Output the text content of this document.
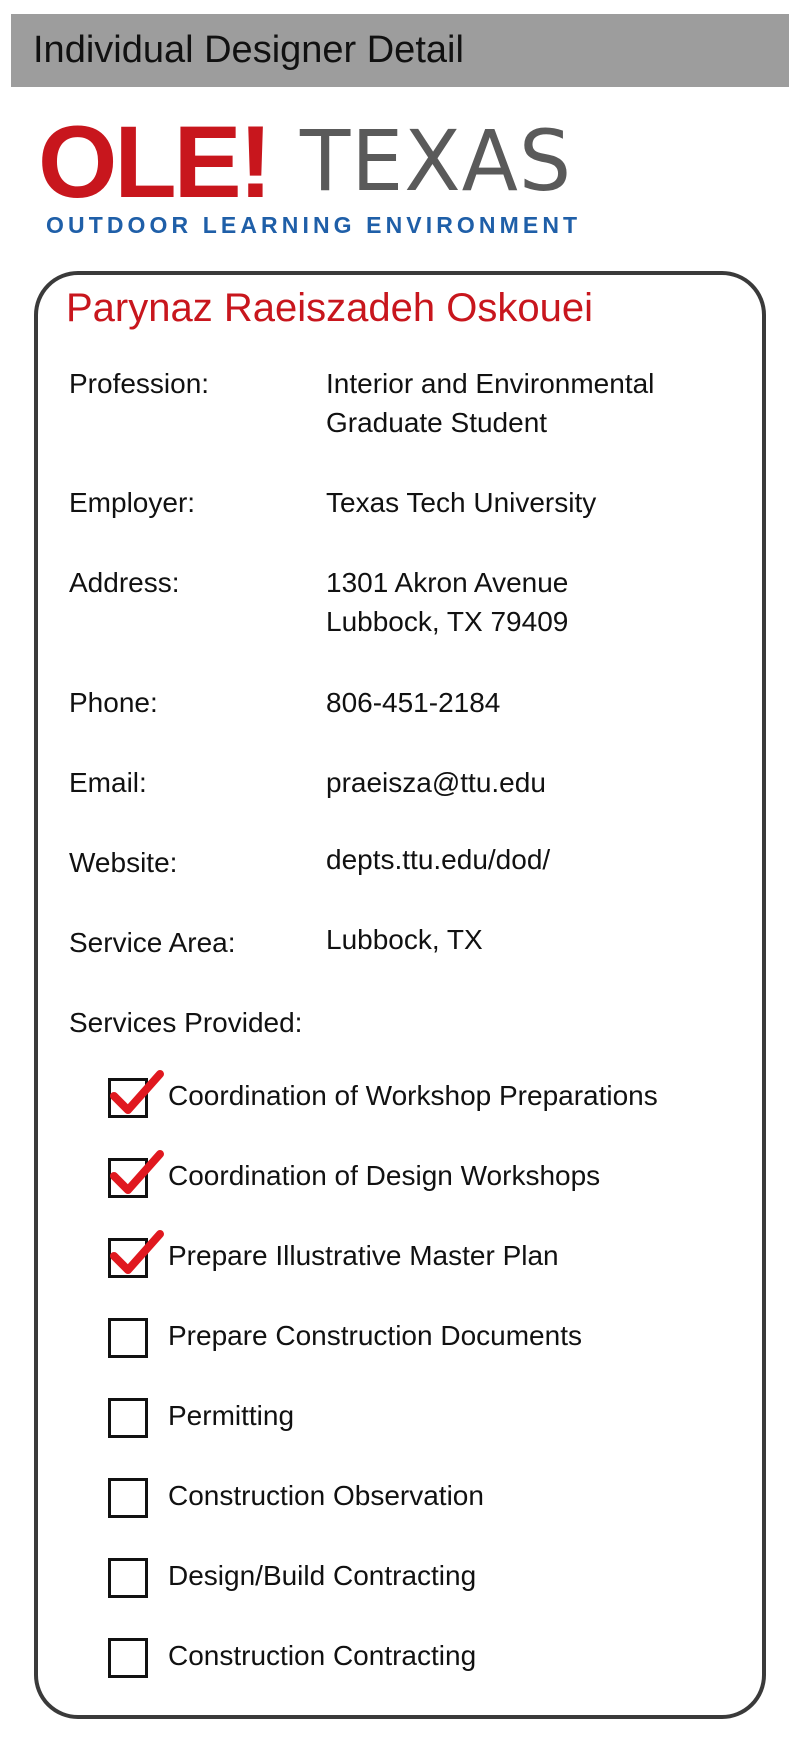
Individual Designer Detail
OLE! TEXAS
OUTDOOR LEARNING ENVIRONMENT
Parynaz Raeiszadeh Oskouei
Profession:	Interior and Environmental
Graduate Student
Employer:	Texas Tech University
Address:	1301 Akron Avenue
Lubbock, TX 79409
Phone:	806-451-2184
Email:	praeisza@ttu.edu
Website:	depts.ttu.edu/dod/
Service Area:	Lubbock, TX
Services Provided:
Coordination of Workshop Preparations
Coordination of Design Workshops
Prepare Illustrative Master Plan
Prepare Construction Documents
Permitting
Construction Observation
Design/Build Contracting
Construction Contracting
